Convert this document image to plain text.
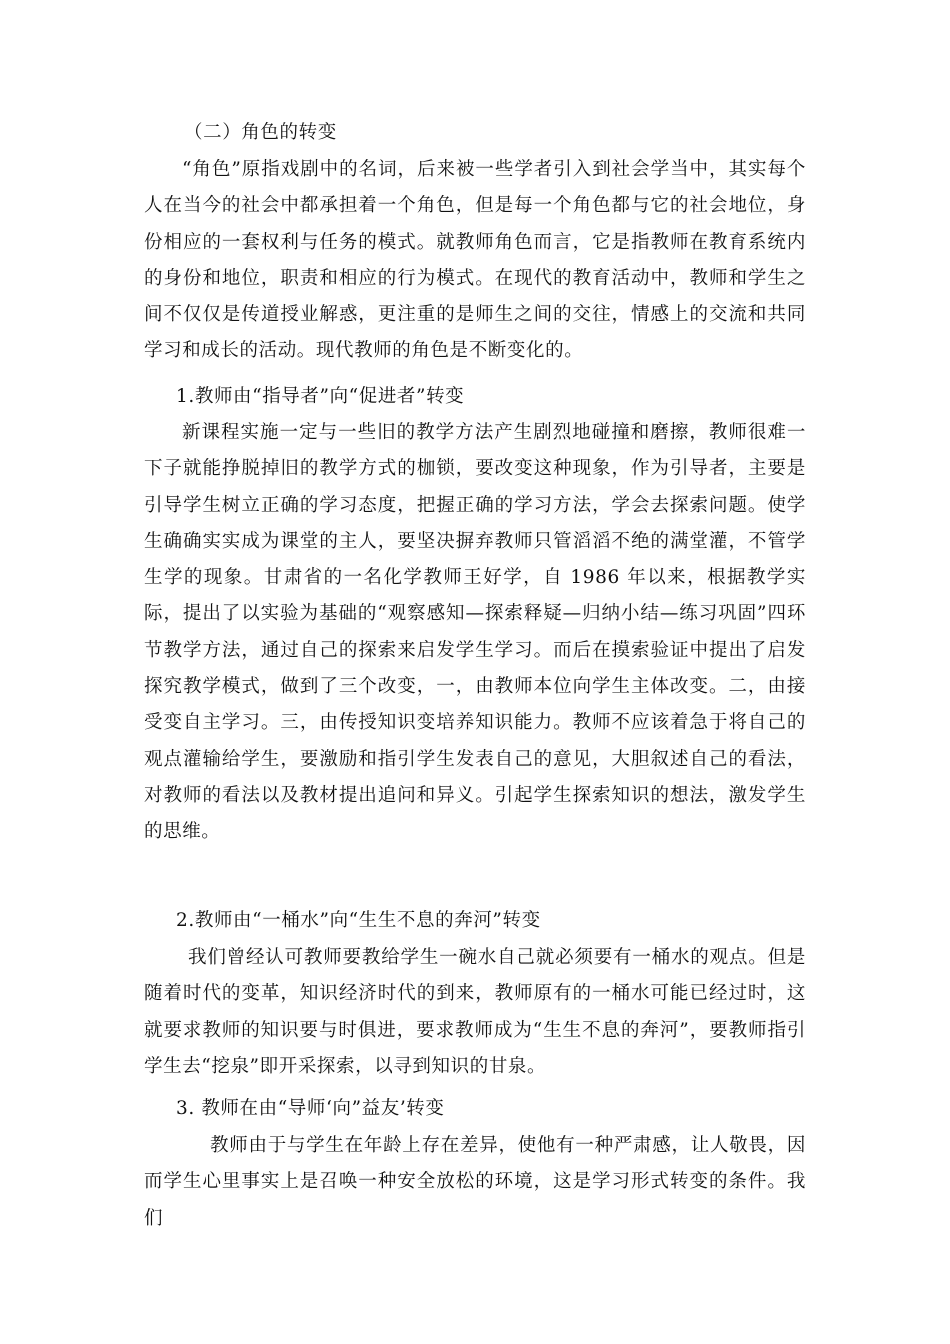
（二）角色的转变

“角色”原指戏剧中的名词，后来被一些学者引入到社会学当中，其实每个人在当今的社会中都承担着一个角色，但是每一个角色都与它的社会地位，身份相应的一套权利与任务的模式。就教师角色而言，它是指教师在教育系统内的身份和地位，职责和相应的行为模式。在现代的教育活动中，教师和学生之间不仅仅是传道授业解惑，更注重的是师生之间的交往，情感上的交流和共同学习和成长的活动。现代教师的角色是不断变化的。

1.教师由“指导者”向“促进者”转变

新课程实施一定与一些旧的教学方法产生剧烈地碰撞和磨擦，教师很难一下子就能挣脱掉旧的教学方式的枷锁，要改变这种现象，作为引导者，主要是引导学生树立正确的学习态度，把握正确的学习方法，学会去探索问题。使学生确确实实成为课堂的主人，要坚决摒弃教师只管滔滔不绝的满堂灌，不管学生学的现象。甘肃省的一名化学教师王好学，自 1986 年以来，根据教学实际，提出了以实验为基础的“观察感知—探索释疑—归纳小结—练习巩固”四环节教学方法，通过自己的探索来启发学生学习。而后在摸索验证中提出了启发探究教学模式，做到了三个改变，一，由教师本位向学生主体改变。二，由接受变自主学习。三，由传授知识变培养知识能力。教师不应该着急于将自己的观点灌输给学生，要激励和指引学生发表自己的意见，大胆叙述自己的看法，对教师的看法以及教材提出追问和异义。引起学生探索知识的想法，激发学生的思维。

2.教师由“一桶水”向“生生不息的奔河”转变

我们曾经认可教师要教给学生一碗水自己就必须要有一桶水的观点。但是随着时代的变革，知识经济时代的到来，教师原有的一桶水可能已经过时，这就要求教师的知识要与时俱进，要求教师成为“生生不息的奔河”，要教师指引学生去“挖泉”即开采探索，以寻到知识的甘泉。

3. 教师在由“导师‘向”益友’转变

教师由于与学生在年龄上存在差异，使他有一种严肃感，让人敬畏，因而学生心里事实上是召唤一种安全放松的环境，这是学习形式转变的条件。我们
